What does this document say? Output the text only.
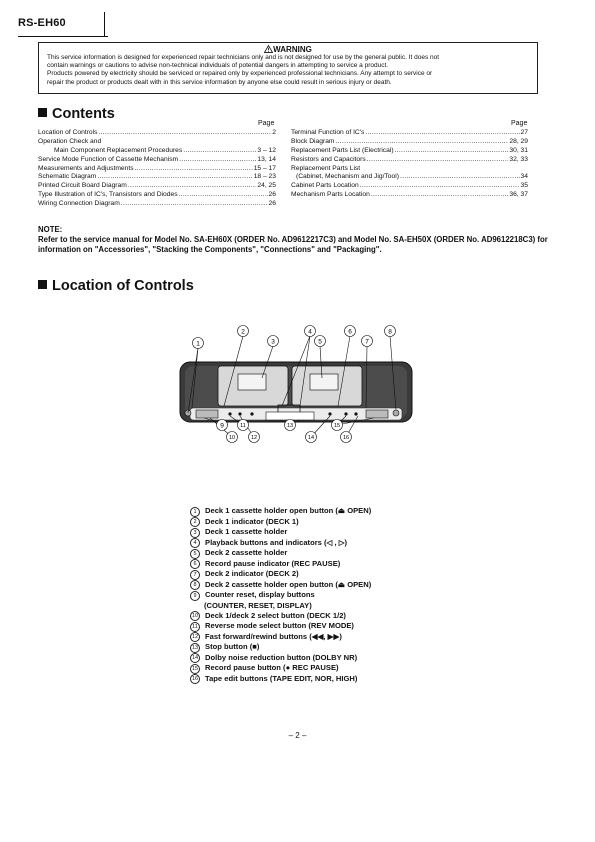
RS-EH60
WARNING
This service information is designed for experienced repair technicians only and is not designed for use by the general public. It does not
contain warnings or cautions to advise non-technical individuals of potential dangers in attempting to service a product.
Products powered by electricity should be serviced or repaired only by experienced professional technicians. Any attempt to service or
repair the product or products dealt with in this service information by anyone else could result in serious injury or death.
Contents
Page	Page
Location of Controls .....	2
Operation Check and
Main Component Replacement Procedures .....	3 – 12
Service Mode Function of Cassette Mechanism .....	13, 14
Measurements and Adjustments .....	15 – 17
Schematic Diagram .....	18 – 23
Printed Circuit Board Diagram .....	24, 25
Type Illustration of IC's, Transistors and Diodes .....	26
Wiring Connection Diagram .....	26
Terminal Function of IC's .....	27
Block Diagram .....	28, 29
Replacement Parts List (Electrical) .....	30, 31
Resistors and Capacitors .....	32, 33
Replacement Parts List
(Cabinet, Mechanism and Jig/Tool) .....	34
Cabinet Parts Location .....	35
Mechanism Parts Location .....	36, 37
NOTE:
Refer to the service manual for Model No. SA-EH60X (ORDER No. AD9612217C3) and Model No. SA-EH50X (ORDER No. AD9612218C3) for information on "Accessories", "Stacking the Components", "Connections" and "Packaging".
Location of Controls
1
2
3
4
5
6
7
8
9
10
11
12
13
14
15
16
1	Deck 1 cassette holder open button (⏏ OPEN)
2	Deck 1 indicator (DECK 1)
3	Deck 1 cassette holder
4	Playback buttons and indicators (◁ , ▷)
5	Deck 2 cassette holder
6	Record pause indicator (REC PAUSE)
7	Deck 2 indicator (DECK 2)
8	Deck 2 cassette holder open button (⏏ OPEN)
9	Counter reset, display buttons
(COUNTER, RESET, DISPLAY)
10 Deck 1/deck 2 select button (DECK 1/2)
11 Reverse mode select button (REV MODE)
12 Fast forward/rewind buttons (◀◀, ▶▶)
13 Stop button (■)
14 Dolby noise reduction button (DOLBY NR)
15 Record pause button (● REC PAUSE)
16 Tape edit buttons (TAPE EDIT, NOR, HIGH)
– 2 –
